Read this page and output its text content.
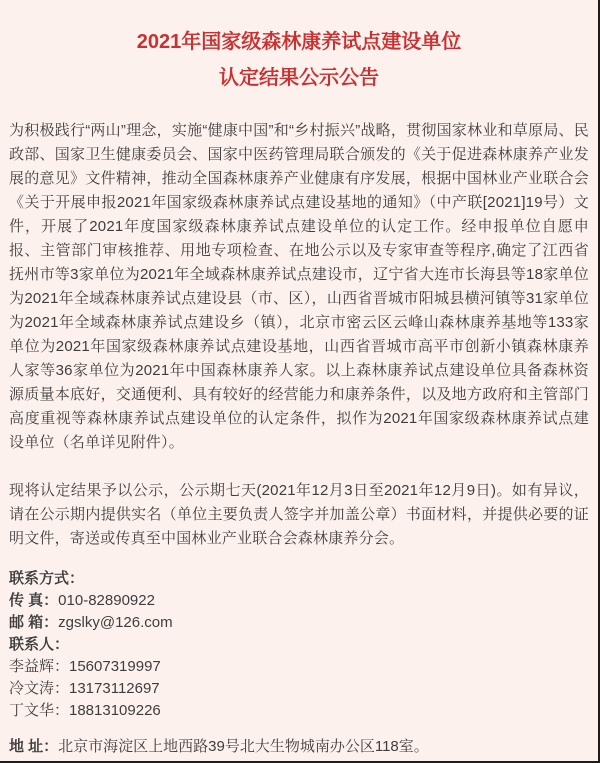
2021年国家级森林康养试点建设单位
认定结果公示公告

为积极践行“两山”理念，实施“健康中国”和“乡村振兴”战略，贯彻国家林业和草原局、民政部、国家卫生健康委员会、国家中医药管理局联合颁发的《关于促进森林康养产业发展的意见》文件精神，推动全国森林康养产业健康有序发展，根据中国林业产业联合会《关于开展申报2021年国家级森林康养试点建设基地的通知》（中产联[2021]19号）文件，开展了2021年度国家级森林康养试点建设单位的认定工作。经申报单位自愿申报、主管部门审核推荐、用地专项检查、在地公示以及专家审查等程序,确定了江西省抚州市等3家单位为2021年全域森林康养试点建设市，辽宁省大连市长海县等18家单位为2021年全域森林康养试点建设县（市、区），山西省晋城市阳城县横河镇等31家单位为2021年全域森林康养试点建设乡（镇），北京市密云区云峰山森林康养基地等133家单位为2021年国家级森林康养试点建设基地，山西省晋城市高平市创新小镇森林康养人家等36家单位为2021年中国森林康养人家。以上森林康养试点建设单位具备森林资源质量本底好，交通便利、具有较好的经营能力和康养条件，以及地方政府和主管部门高度重视等森林康养试点建设单位的认定条件，拟作为2021年国家级森林康养试点建设单位（名单详见附件）。

现将认定结果予以公示，公示期七天(2021年12月3日至2021年12月9日)。如有异议，请在公示期内提供实名（单位主要负责人签字并加盖公章）书面材料，并提供必要的证明文件，寄送或传真至中国林业产业联合会森林康养分会。

联系方式：
传 真：010-82890922
邮 箱：zgslky@126.com
联系人：
李益辉：15607319997
冷文涛：13173112697
丁文华：18813109226
地 址：北京市海淀区上地西路39号北大生物城南办公区118室。
